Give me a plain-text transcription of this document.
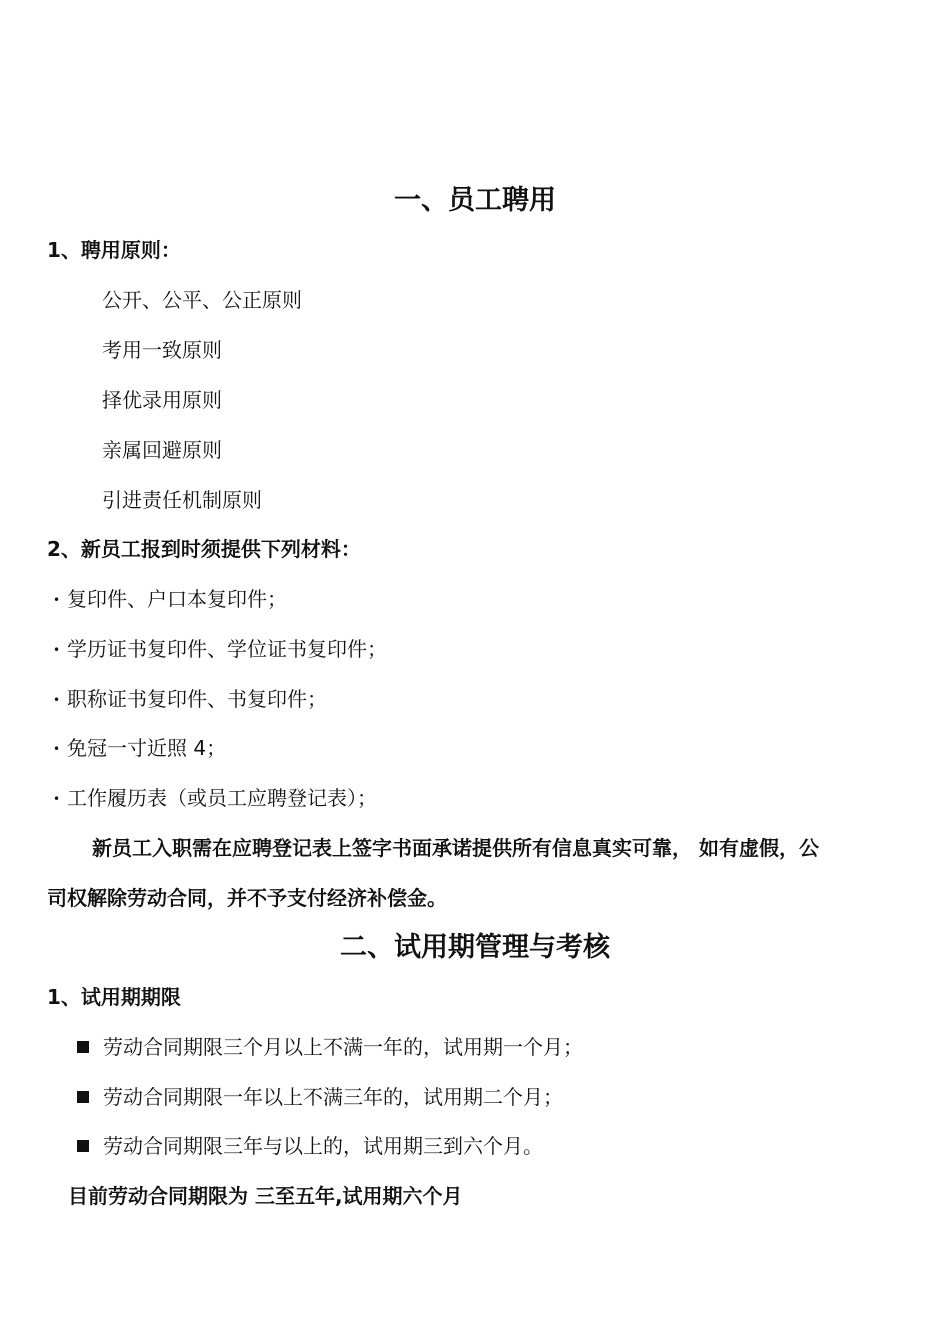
一、员工聘用
1、聘用原则：
公开、公平、公正原则
考用一致原则
择优录用原则
亲属回避原则
引进责任机制原则
2、新员工报到时须提供下列材料：
• 复印件、户口本复印件；
• 学历证书复印件、学位证书复印件；
• 职称证书复印件、书复印件；
• 免冠一寸近照 4；
• 工作履历表（或员工应聘登记表）；
新员工入职需在应聘登记表上签字书面承诺提供所有信息真实可靠， 如有虚假，公
司权解除劳动合同，并不予支付经济补偿金。
二、试用期管理与考核
1、试用期期限
劳动合同期限三个月以上不满一年的，试用期一个月；
劳动合同期限一年以上不满三年的，试用期二个月；
劳动合同期限三年与以上的，试用期三到六个月。
目前劳动合同期限为 三至五年,试用期六个月
